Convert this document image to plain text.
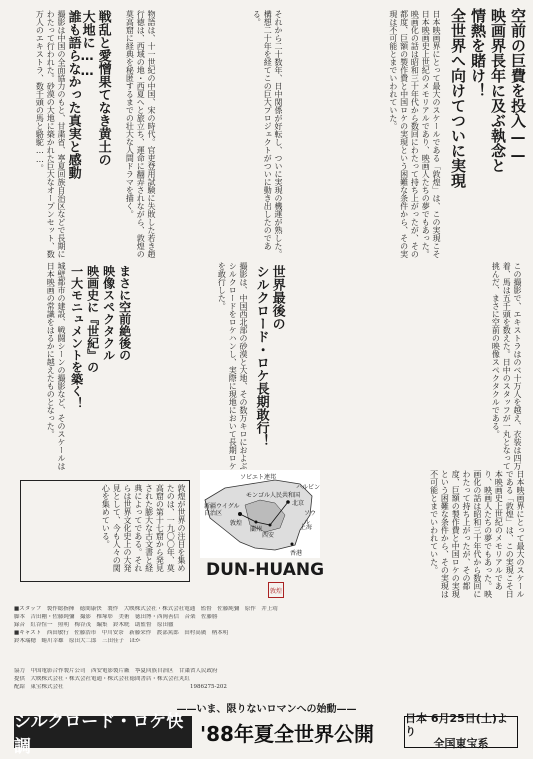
空前の巨費を投入——
映画界長年に及ぶ執念と
情熱を賭け！
全世界へ向けてついに実現
日本映画界にとって最大のスケールである「敦煌」は、この実現こそ日本映画史上世紀のメモリアルであり、映画人たちの夢でもあった。映画化の話は昭和三十年代から数回にわたって持ち上がったが、その都度、巨額の製作費と中国ロケの実現という困難な条件から、その実現は不可能とまでいわれていた。
それから二十数年、日中関係が好転し、ついに実現の機運が熟した。構想二十年を経てこの巨大プロジェクトがついに動き出したのである。
物語は、十一世紀の中国、宋の時代。官吏登用試験に失敗した若き趙行徳は、西域の地・西夏へと旅立ち、運命に翻弄されながら、敦煌の莫高窟に経典を秘匿するまでの壮大な人間ドラマを描く。
撮影は中国の全面協力のもと、甘粛省、寧夏回族自治区などで長期にわたって行われた。砂漠の大地に築かれた巨大なオープンセット、数万人のエキストラ、数千頭の馬と駱駝……。	戦乱と愛憎果てなき黄土の
大地に……
誰も語らなかった真実と感動
世界最後の
シルクロード・ロケ長期敢行！	この撮影で、エキストラはのべ十万人を越え、衣装は四万着、馬は五千頭を数えた。日中のスタッフが一丸となって挑んだ、まさに空前の映像スペクタクルである。
撮影は、中国西北部の砂漠と大地、その数万キロにおよぶシルクロードをロケハンし、実際に現地において長期ロケを敢行した。
まさに空前絶後の
映像スペクタクル
映画史に『世紀』の
一大モニュメントを築く！
城壁都市の建設、戦闘シーンの撮影など、そのスケールは日本映画の常識をはるかに越えたものとなった。
敦煌が世界の注目を集めたのは、一九〇〇年、莫高窟の第十七窟から発見された膨大な古文書と経典によってである。それらは世界文化史上の大発見として、今も人々の関心を集めている。
ソビエト連邦
モンゴル人民共和国
新疆ウイグル自治区
敦煌
北京
西安
蘭州
香港
上海
ソウル
ハルビン
DUN-HUANG
敦煌	日本映画界にとって最大のスケールである「敦煌」は、この実現こそ日本映画史上世紀のメモリアルであり、映画人たちの夢でもあった。映画化の話は昭和三十年代から数回にわたって持ち上がったが、その都度、巨額の製作費と中国ロケの実現という困難な条件から、その実現は不可能とまでいわれていた。
■スタッフ　製作総指揮　徳間康快　製作　大映株式会社・株式会社電通　監督　佐藤純彌　原作　井上靖
脚本　吉田剛・佐藤純彌　撮影　椎塚彰　美術　徳田博・西岡善信　音楽　佐藤勝
録音　紅谷愃一　照明　梅谷茂　編集　鈴木晄　助監督　原田徹
■キャスト　西田敏行　佐藤浩市　中川安奈　新藤栄作　渡部篤郎　田村高廣　柄本明
鈴木瑞穂　蜷川幸雄　原田大二郎　三田佳子　ほか
協力　中国電影合作製片公司　西安電影製片廠　寧夏回族自治区　甘粛省人民政府
提供　大映株式会社・株式会社電通・株式会社徳間書店・株式会社丸紅
配給　東宝株式会社　　　　　　　　　　　　　　　　　　　　　　　1986275-202
——いま、限りないロマンへの始動——
シルクロード・ロケ快調
'88年夏全世界公開
日本 6月25日(土)より
全国東宝系
